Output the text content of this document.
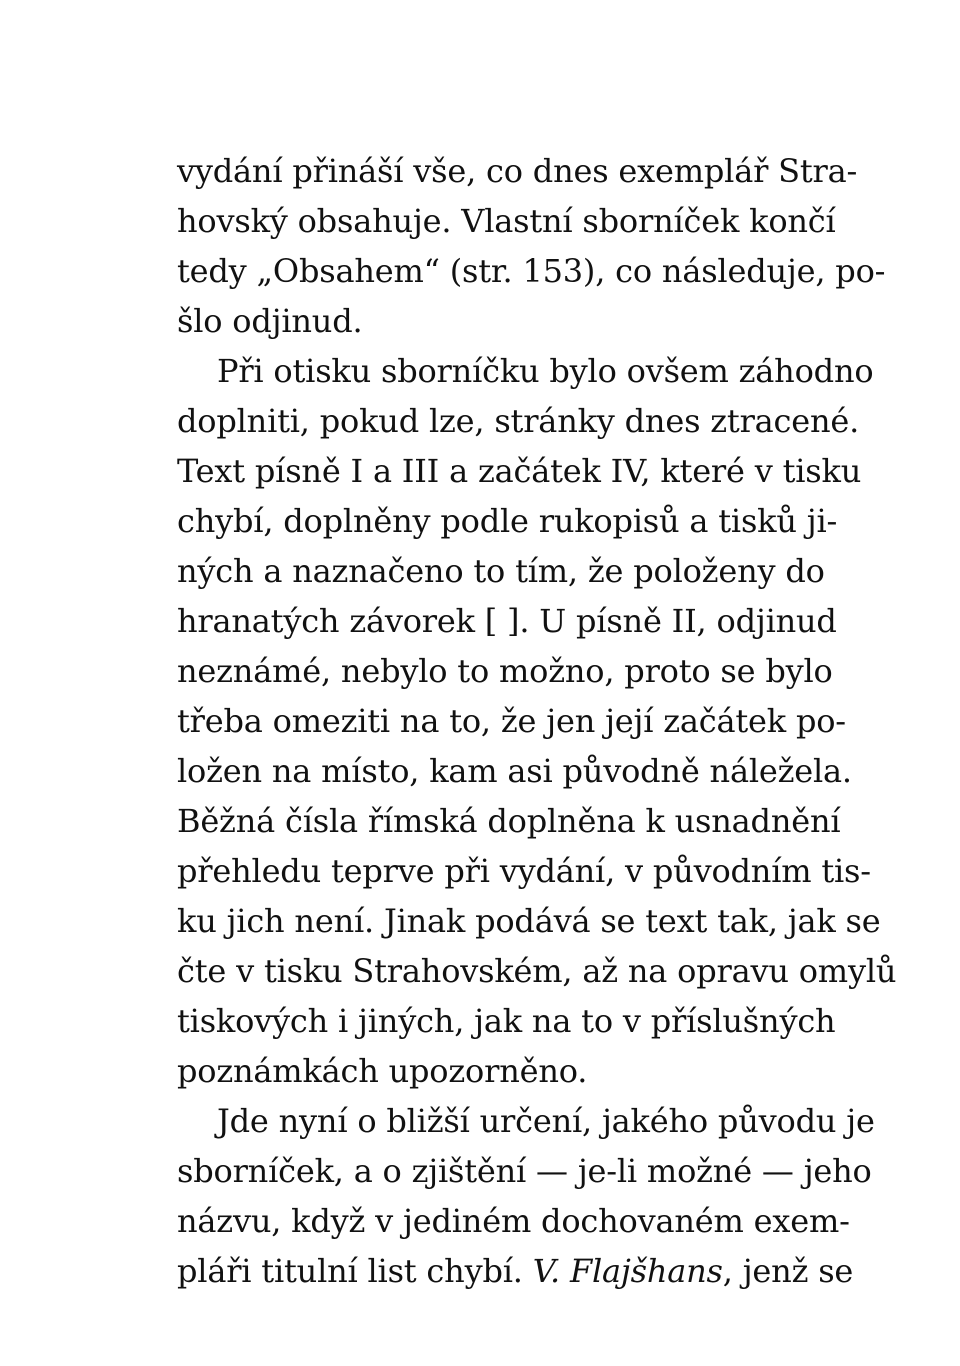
vydání přináší vše, co dnes exemplář Stra-
hovský obsahuje. Vlastní sborníček končí
tedy „Obsahem“ (str. 153), co následuje, po-
šlo odjinud.
Při otisku sborníčku bylo ovšem záhodno
doplniti, pokud lze, stránky dnes ztracené.
Text písně I a III a začátek IV, které v tisku
chybí, doplněny podle rukopisů a tisků ji-
ných a naznačeno to tím, že položeny do
hranatých závorek [ ]. U písně II, odjinud
neznámé, nebylo to možno, proto se bylo
třeba omeziti na to, že jen její začátek po-
ložen na místo, kam asi původně náležela.
Běžná čísla římská doplněna k usnadnění
přehledu teprve při vydání, v původním tis-
ku jich není. Jinak podává se text tak, jak se
čte v tisku Strahovském, až na opravu omylů
tiskových i jiných, jak na to v příslušných
poznámkách upozorněno.
Jde nyní o bližší určení, jakého původu je
sborníček, a o zjištění — je-li možné — jeho
názvu, když v jediném dochovaném exem-
pláři titulní list chybí. V. Flajšhans, jenž se
